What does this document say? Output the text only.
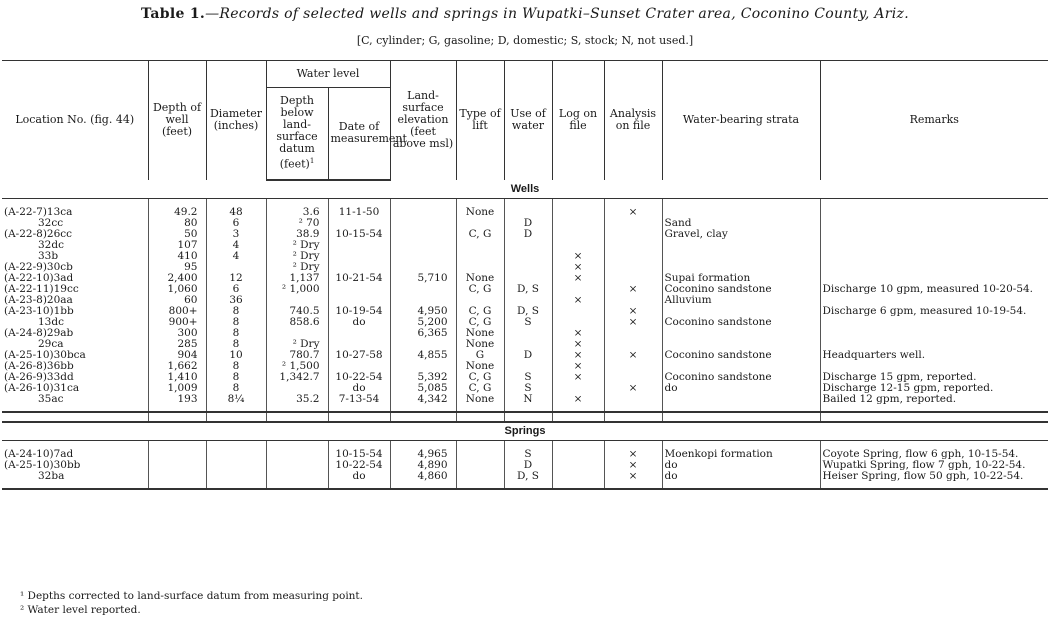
Table 1.—Records of selected wells and springs in Wupatki–Sunset Crater area, Coconino County, Ariz.
[C, cylinder; G, gasoline; D, domestic; S, stock; N, not used.]
Location No. (fig. 44)	Depth of well (feet)	Diameter (inches)	Water level		Land-surface elevation (feet above msl)	Type of lift	Use of water	Log on file	Analysis on file	Water-bearing strata	Remarks
			Depth below land-surface datum (feet)$^1$	Date of measurement							
Wells											

(A-22-7)13ca	49.2	48	3.6	11-1-50		None			×		
32cc	80	6	² 70				D			Sand	
(A-22-8)26cc	50	3	38.9	10-15-54		C, G	D			Gravel, clay	
32dc	107	4	² Dry								
33b	410	4	² Dry					×			
(A-22-9)30cb	95		² Dry					×			
(A-22-10)3ad	2,400	12	1,137	10-21-54	5,710	None		×		Supai formation	
(A-22-11)19cc	1,060	6	² 1,000			C, G	D, S		×	Coconino sandstone	Discharge 10 gpm, measured 10-20-54.
(A-23-8)20aa	60	36						×		Alluvium	
(A-23-10)1bb	800+	8	740.5	10-19-54	4,950	C, G	D, S		×		Discharge 6 gpm, measured 10-19-54.
13dc	900+	8	858.6	do	5,200	C, G	S		×	Coconino sandstone	
(A-24-8)29ab	300	8			6,365	None		×			
29ca	285	8	² Dry			None		×			
(A-25-10)30bca	904	10	780.7	10-27-58	4,855	G	D	×	×	Coconino sandstone	Headquarters well.
(A-26-8)36bb	1,662	8	² 1,500			None		×			
(A-26-9)33dd	1,410	8	1,342.7	10-22-54	5,392	C, G	S	×		Coconino sandstone	Discharge 15 gpm, reported.
(A-26-10)31ca	1,009	8		do	5,085	C, G	S		×	do	Discharge 12-15 gpm, reported.
35ac	193	8¼	35.2	7-13-54	4,342	None	N	×			Bailed 12 gpm, reported.

Springs											

(A-24-10)7ad				10-15-54	4,965		S		×	Moenkopi formation	Coyote Spring, flow 6 gph, 10-15-54.
(A-25-10)30bb				10-22-54	4,890		D		×	do	Wupatki Spring, flow 7 gph, 10-22-54.
32ba				do	4,860		D, S		×	do	Heiser Spring, flow 50 gph, 10-22-54.

¹ Depths corrected to land-surface datum from measuring point.
² Water level reported.
